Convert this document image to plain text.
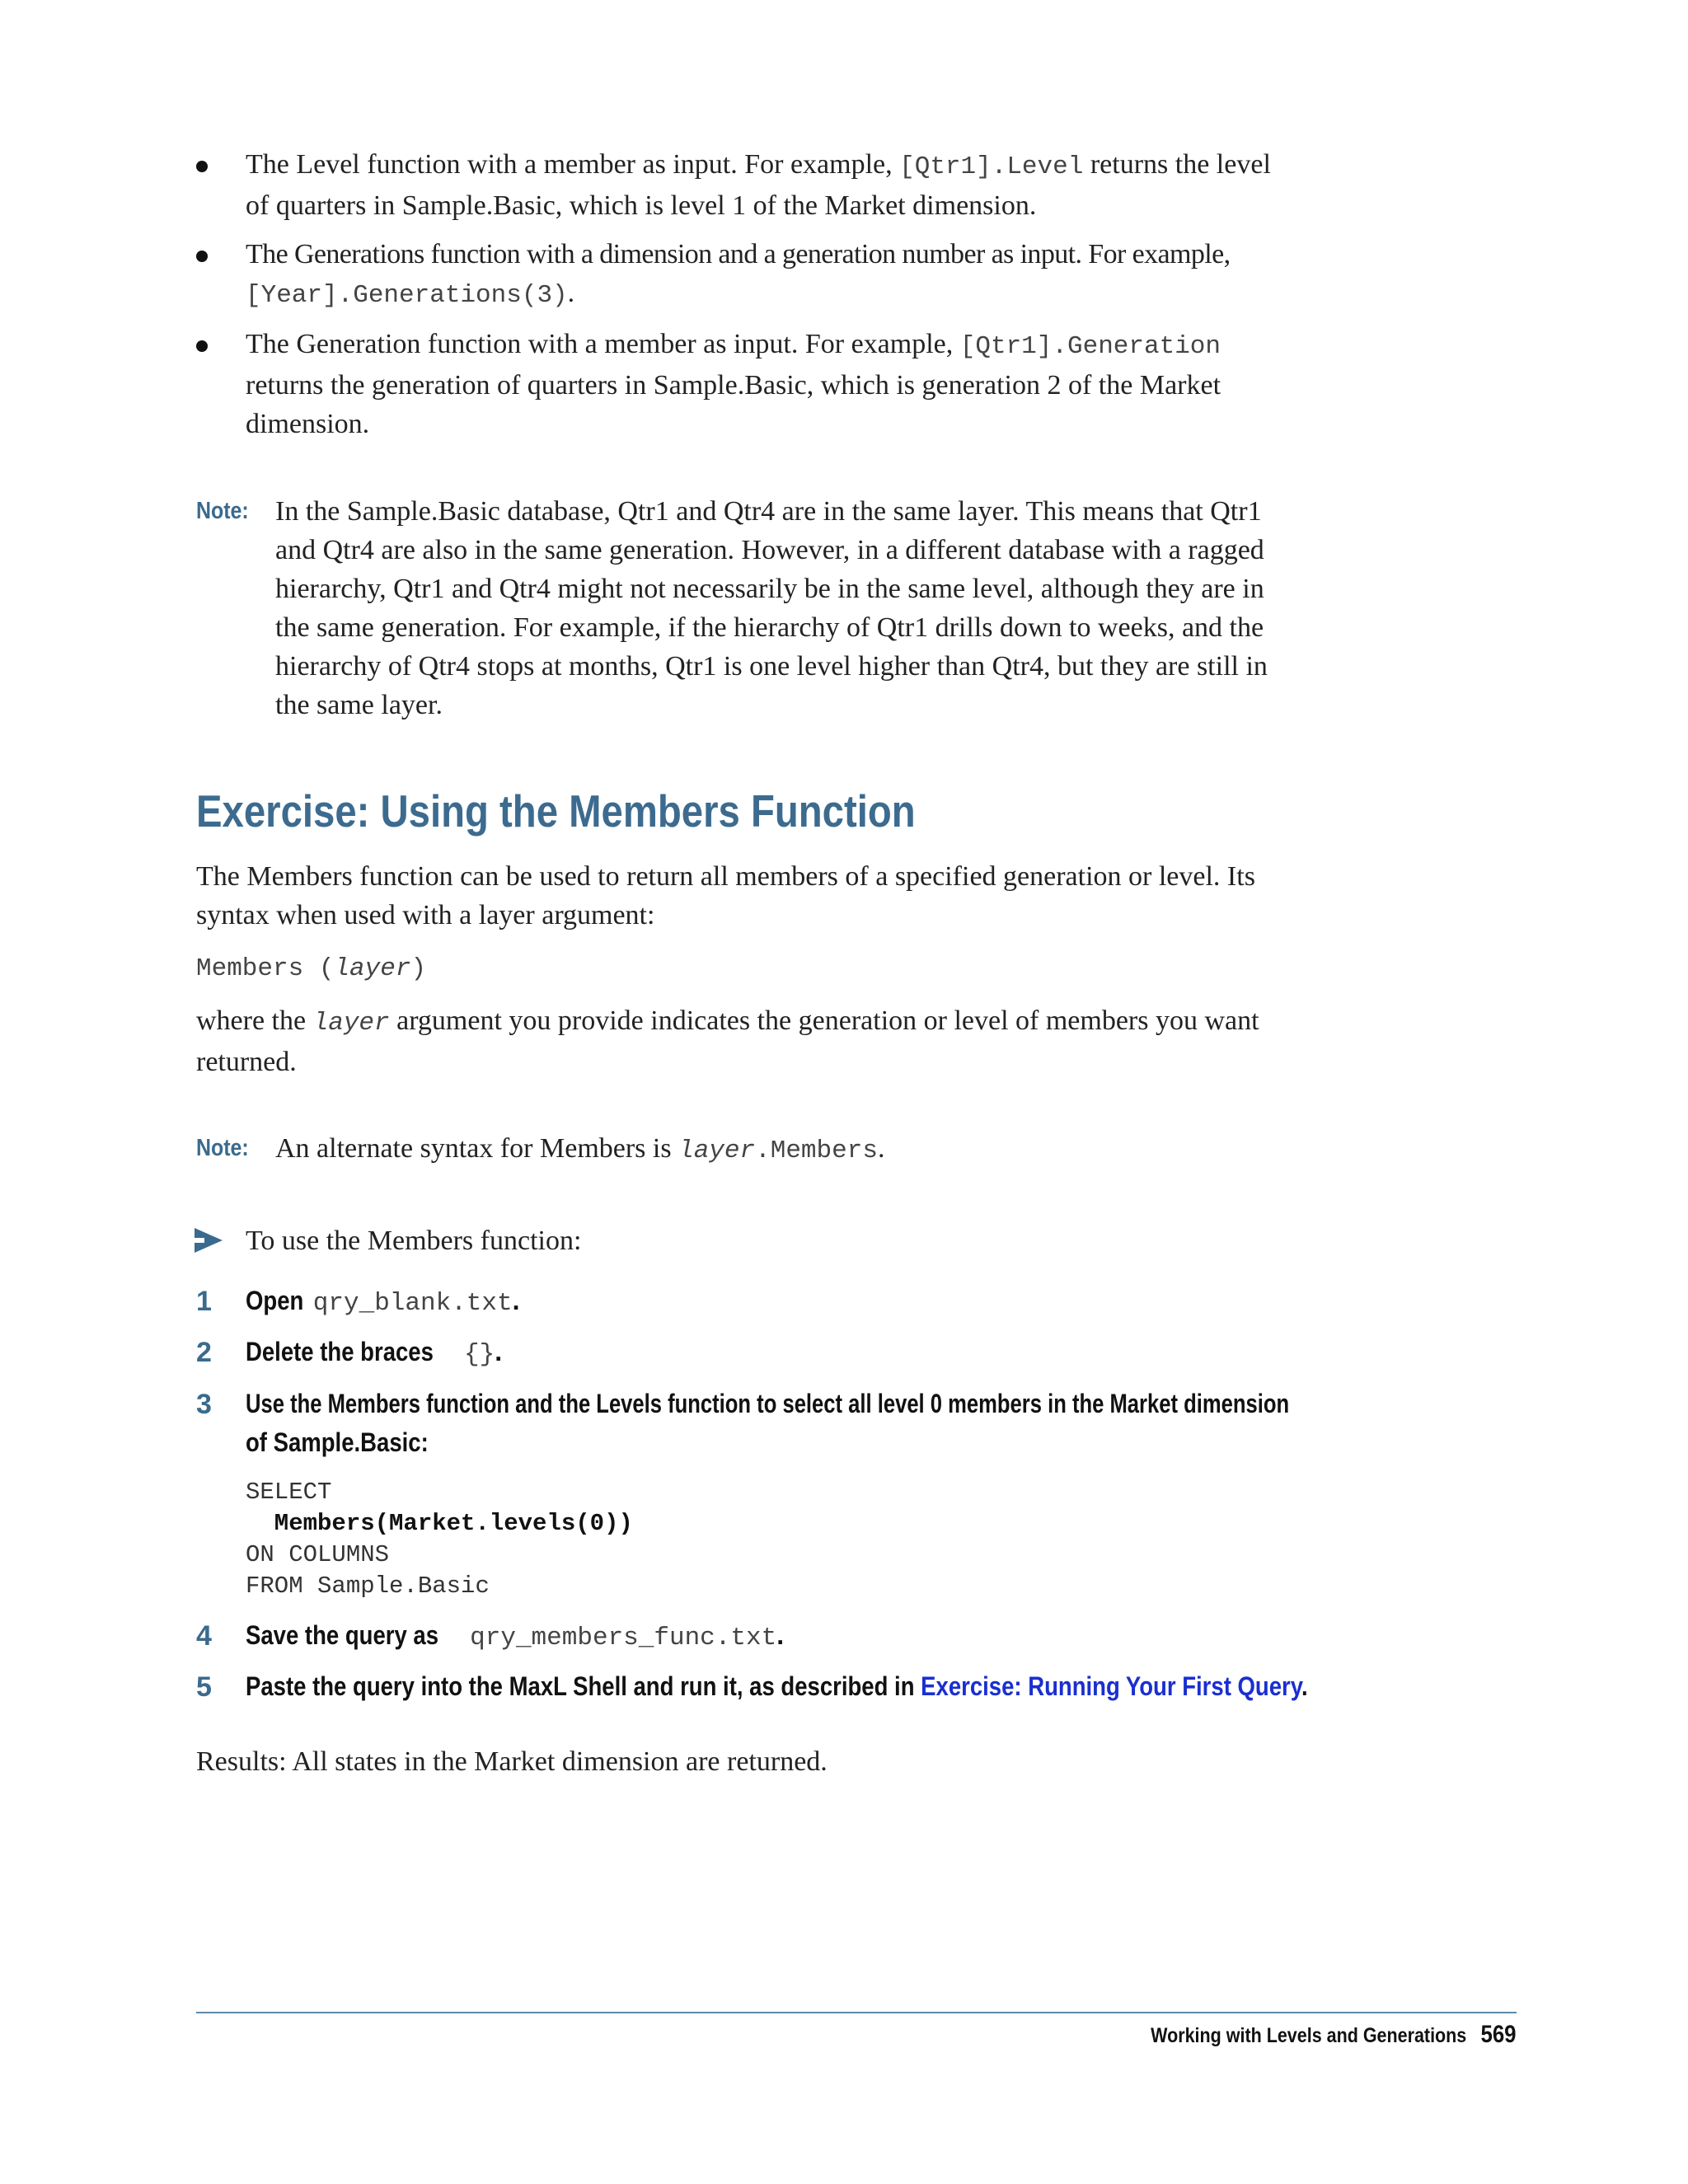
The Level function with a member as input. For example, [Qtr1].Level returns the level
of quarters in Sample.Basic, which is level 1 of the Market dimension.
The Generations function with a dimension and a generation number as input. For example,
[Year].Generations(3).
The Generation function with a member as input. For example, [Qtr1].Generation
returns the generation of quarters in Sample.Basic, which is generation 2 of the Market
dimension.
Note: In the Sample.Basic database, Qtr1 and Qtr4 are in the same layer. This means that Qtr1
and Qtr4 are also in the same generation. However, in a different database with a ragged
hierarchy, Qtr1 and Qtr4 might not necessarily be in the same level, although they are in
the same generation. For example, if the hierarchy of Qtr1 drills down to weeks, and the
hierarchy of Qtr4 stops at months, Qtr1 is one level higher than Qtr4, but they are still in
the same layer.
Exercise: Using the Members Function
The Members function can be used to return all members of a specified generation or level. Its
syntax when used with a layer argument:
Members (layer)
where the layer argument you provide indicates the generation or level of members you want
returned.
Note: An alternate syntax for Members is layer.Members.
To use the Members function:
1 Openqry_blank.txt.
2 Delete the braces{}.
3 Use the Members function and the Levels function to select all level 0 members in the Market dimension
of Sample.Basic:
SELECT
Members(Market.levels(0))
ON COLUMNS
FROM Sample.Basic
4 Save the query asqry_members_func.txt.
5 Paste the query into the MaxL Shell and run it, as described in Exercise: Running Your First Query.
Results: All states in the Market dimension are returned.
Working with Levels and Generations 569
